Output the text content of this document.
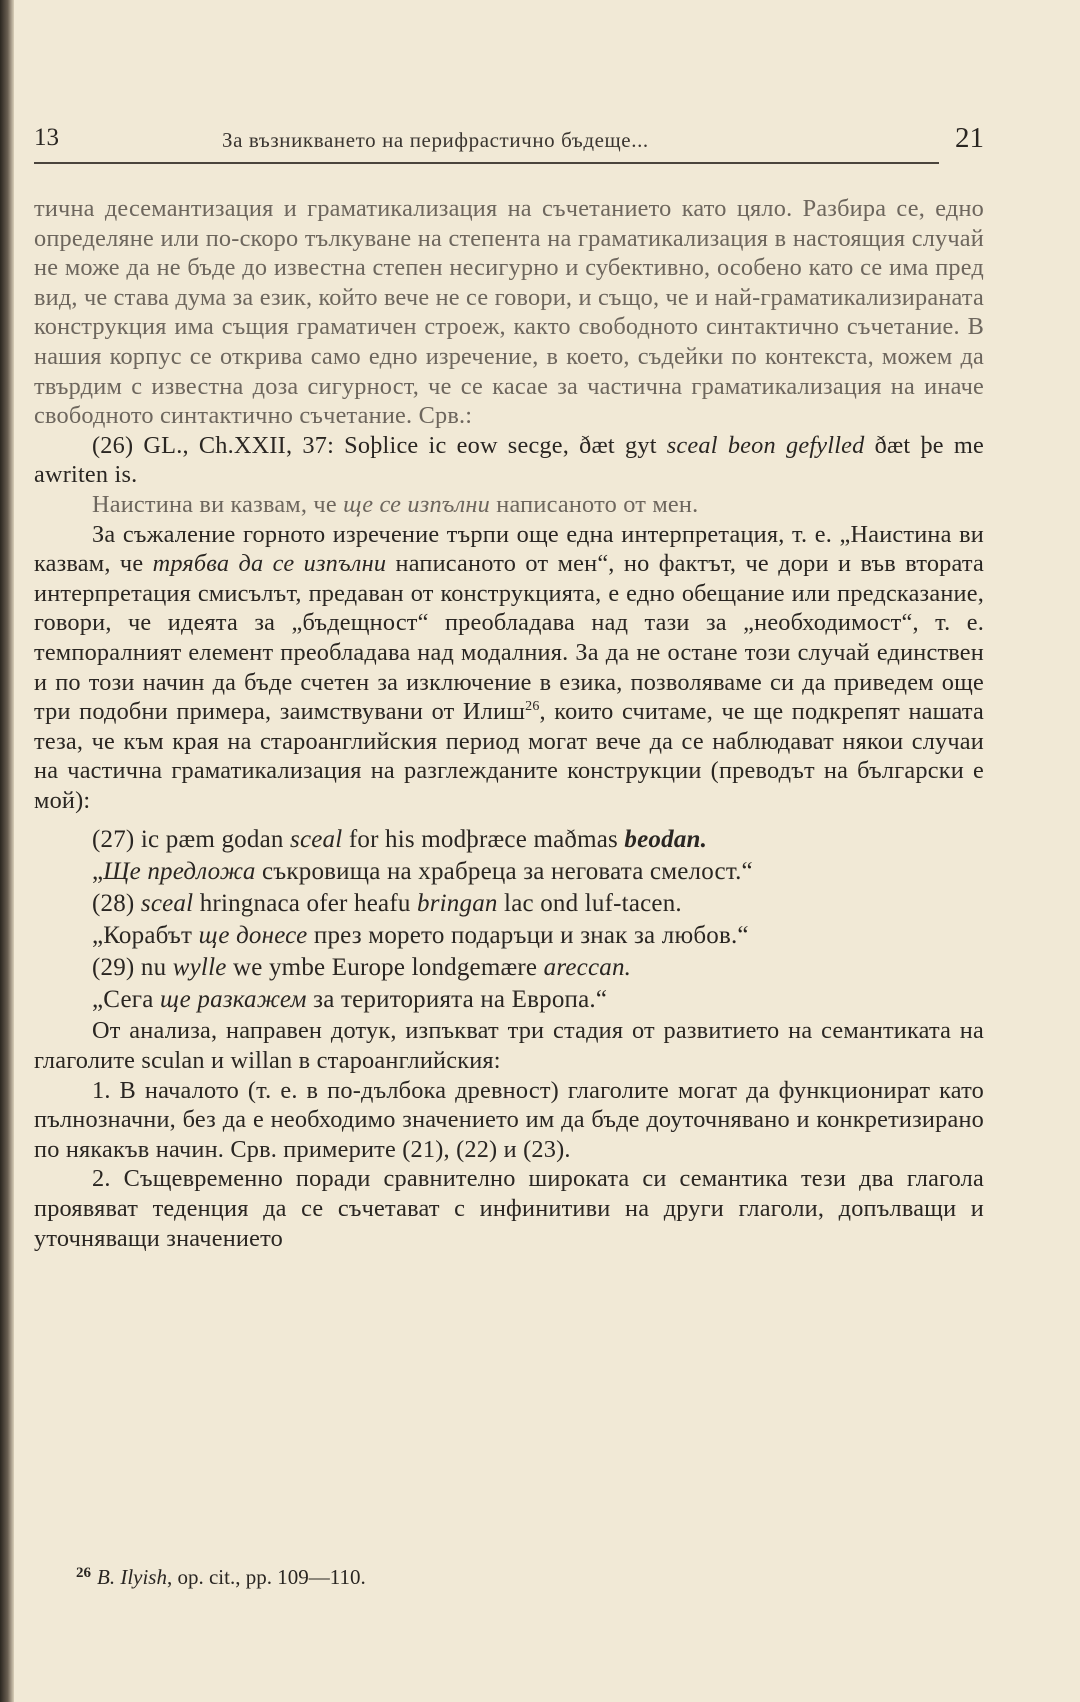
13	За възникването на перифрастично бъдеще...	21

тична десемантизация и граматикализация на съчетанието като цяло. Разбира се, едно определяне или по-скоро тълкуване на степента на граматикализация в настоящия случай не може да не бъде до известна степен несигурно и субективно, особено като се има пред вид, че става дума за език, който вече не се говори, и също, че и най-граматикализираната конструкция има същия граматичен строеж, както свободното синтактично съчетание. В нашия корпус се открива само едно изречение, в което, съдейки по контекста, можем да твърдим с известна доза сигурност, че се касае за частична граматикализация на иначе свободното синтактично съчетание. Срв.:

(26) GL., Ch.XXII, 37: Soþlice ic eow secge, ðæt gyt sceal beon gefylled ðæt þe me awriten is.

Наистина ви казвам, че ще се изпълни написаното от мен.

За съжаление горното изречение търпи още една интерпретация, т. е. „Наистина ви казвам, че трябва да се изпълни написаното от мен“, но фактът, че дори и във втората интерпретация смисълът, предаван от конструкцията, е едно обещание или предсказание, говори, че идеята за „бъдещност“ преобладава над тази за „необходимост“, т. е. темпоралният елемент преобладава над модалния. За да не остане този случай единствен и по този начин да бъде счетен за изключение в езика, позволяваме си да приведем още три подобни примера, заимствувани от Илиш$^{26}$, които считаме, че ще подкрепят нашата теза, че към края на староанглийския период могат вече да се наблюдават някои случаи на частична граматикализация на разглежданите конструкции (преводът на български е мой):

(27) ic pæm godan sceal for his modþræce maðmas beodan.

„Ще предложа съкровища на храбреца за неговата смелост.“

(28) sceal hringnaca ofer heafu bringan lac ond luf-tacen.

„Корабът ще донесе през морето подаръци и знак за любов.“

(29) nu wylle we ymbe Europe londgemære areccan.

„Сега ще разкажем за територията на Европа.“

От анализа, направен дотук, изпъкват три стадия от развитието на семантиката на глаголите sculan и willan в староанглийския:

1. В началото (т. е. в по-дълбока древност) глаголите могат да функционират като пълнозначни, без да е необходимо значението им да бъде доуточнявано и конкретизирано по някакъв начин. Срв. примерите (21), (22) и (23).

2. Същевременно поради сравнително широката си семантика тези два глагола проявяват теденция да се съчетават с инфинитиви на други глаголи, допълващи и уточняващи значението

$^{26}$ B. Ilyish, op. cit., pp. 109—110.
